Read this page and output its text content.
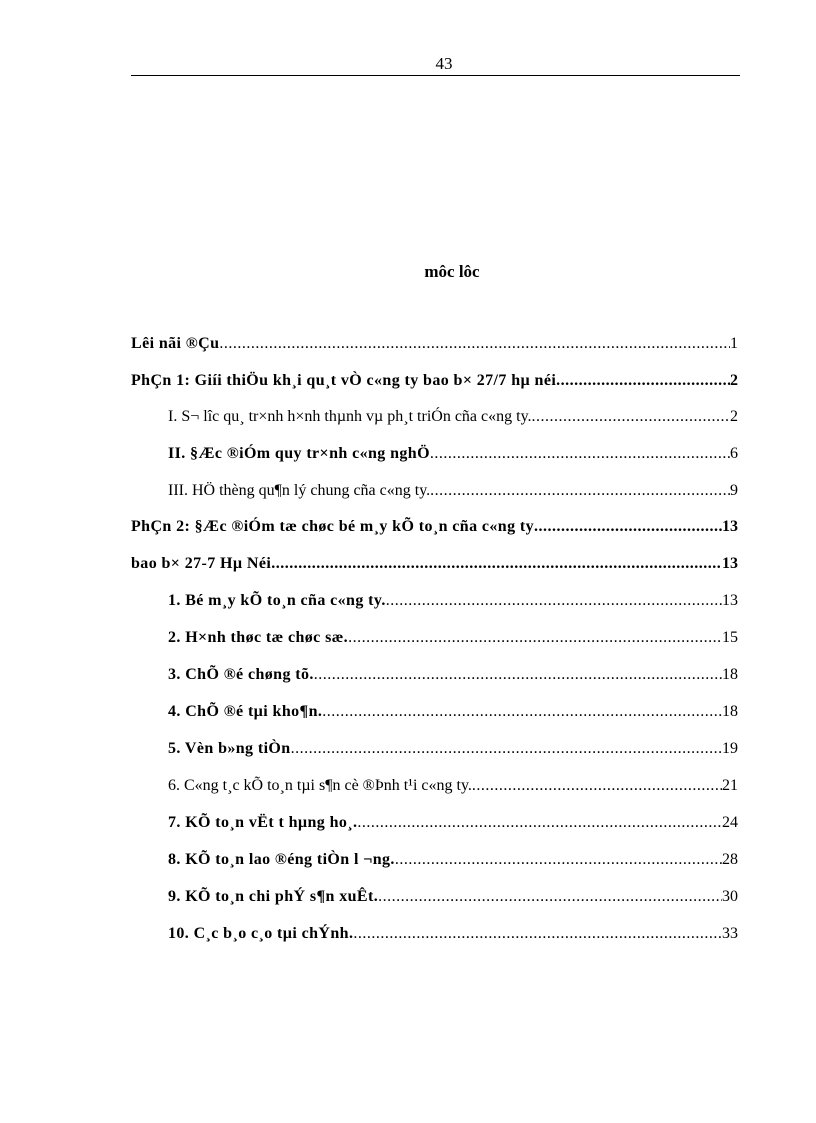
43
môc lôc
Lêi nãi ®Çu .....	1
PhÇn 1: Giíi thiÖu kh¸i qu¸t vÒ c«ng ty bao b× 27/7 hµ néi. .....	2
I. S¬ lîc qu¸ tr×nh h×nh thµnh vµ ph¸t triÓn cña c«ng ty. .....	2
II. §Æc ®iÓm quy tr×nh c«ng nghÖ .....	6
III. HÖ thèng qu¶n lý chung cña c«ng ty. .....	9
PhÇn 2: §Æc ®iÓm tæ chøc bé m¸y kÕ to¸n cña c«ng ty .....	13
bao b× 27-7 Hµ Néi .....	13
1. Bé m¸y kÕ to¸n cña c«ng ty. .....	13
2. H×nh thøc tæ chøc sæ. .....	15
3. ChÕ ®é chøng tõ. .....	18
4. ChÕ ®é tµi kho¶n. .....	18
5. Vèn b»ng tiÒn .....	19
6. C«ng t¸c kÕ to¸n tµi s¶n cè ®Þnh t¹i c«ng ty. .....	21
7. KÕ to¸n vËt t hµng ho¸. .....	24
8. KÕ to¸n lao ®éng tiÒn l ¬ng. .....	28
9. KÕ to¸n chi phÝ s¶n xuÊt. .....	30
10. C¸c b¸o c¸o tµi chÝnh. .....	33
